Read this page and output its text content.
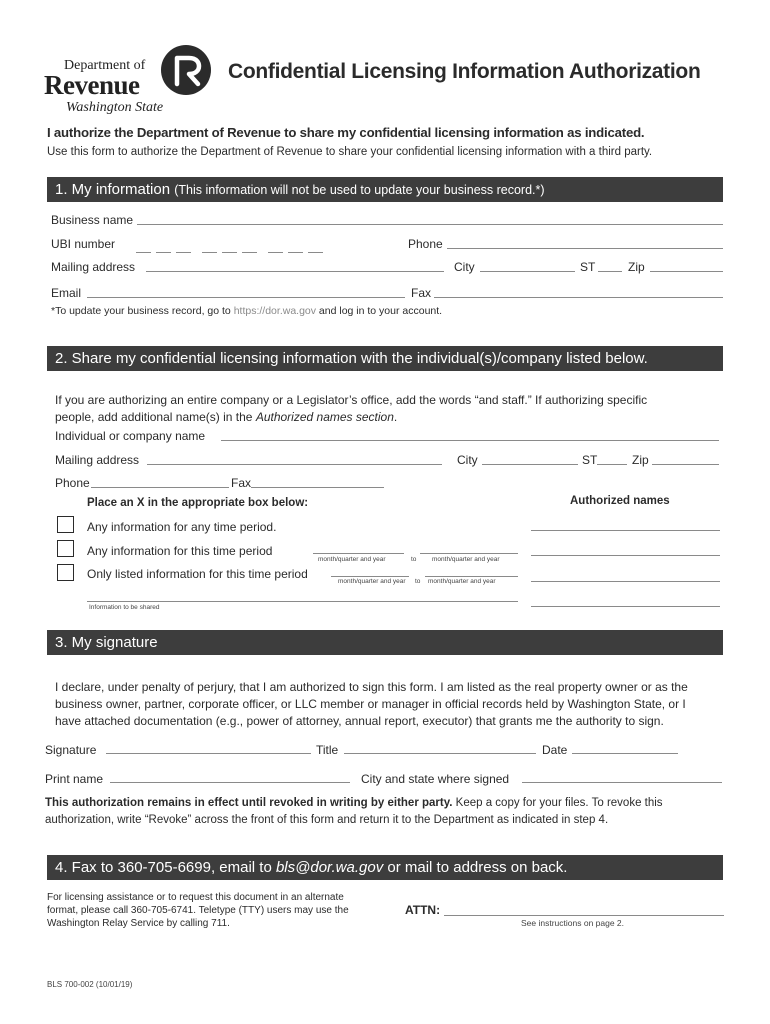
Department of
Revenue
Washington State
Confidential Licensing Information Authorization
I authorize the Department of Revenue to share my confidential licensing information as indicated.
Use this form to authorize the Department of Revenue to share your confidential licensing information with a third party.
1. My information (This information will not be used to update your business record.*)
Business name
UBI number	Phone
Mailing address	City	ST	Zip
Email	Fax
*To update your business record, go to https://dor.wa.gov and log in to your account.
2. Share my confidential licensing information with the individual(s)/company listed below.
If you are authorizing an entire company or a Legislator’s office, add the words “and staff.” If authorizing specific
people, add additional name(s) in the Authorized names section.
Individual or company name
Mailing address	City	ST	Zip
Phone	Fax
Place an X in the appropriate box below:	Authorized names
Any information for any time period.
Any information for this time period
month/quarter and year	to month/quarter and year
Only listed information for this time period
month/quarter and year to month/quarter and year
Information to be shared
3. My signature
I declare, under penalty of perjury, that I am authorized to sign this form. I am listed as the real property owner or as the
business owner, partner, corporate officer, or LLC member or manager in official records held by Washington State, or I
have attached documentation (e.g., power of attorney, annual report, executor) that grants me the authority to sign.
Signature	Title	Date
Print name	City and state where signed
This authorization remains in effect until revoked in writing by either party. Keep a copy for your files. To revoke this
authorization, write “Revoke” across the front of this form and return it to the Department as indicated in step 4.
4. Fax to 360-705-6699, email to bls@dor.wa.gov or mail to address on back.
For licensing assistance or to request this document in an alternate
format, please call 360-705-6741. Teletype (TTY) users may use the
Washington Relay Service by calling 711.
ATTN:
See instructions on page 2.
BLS 700-002 (10/01/19)
